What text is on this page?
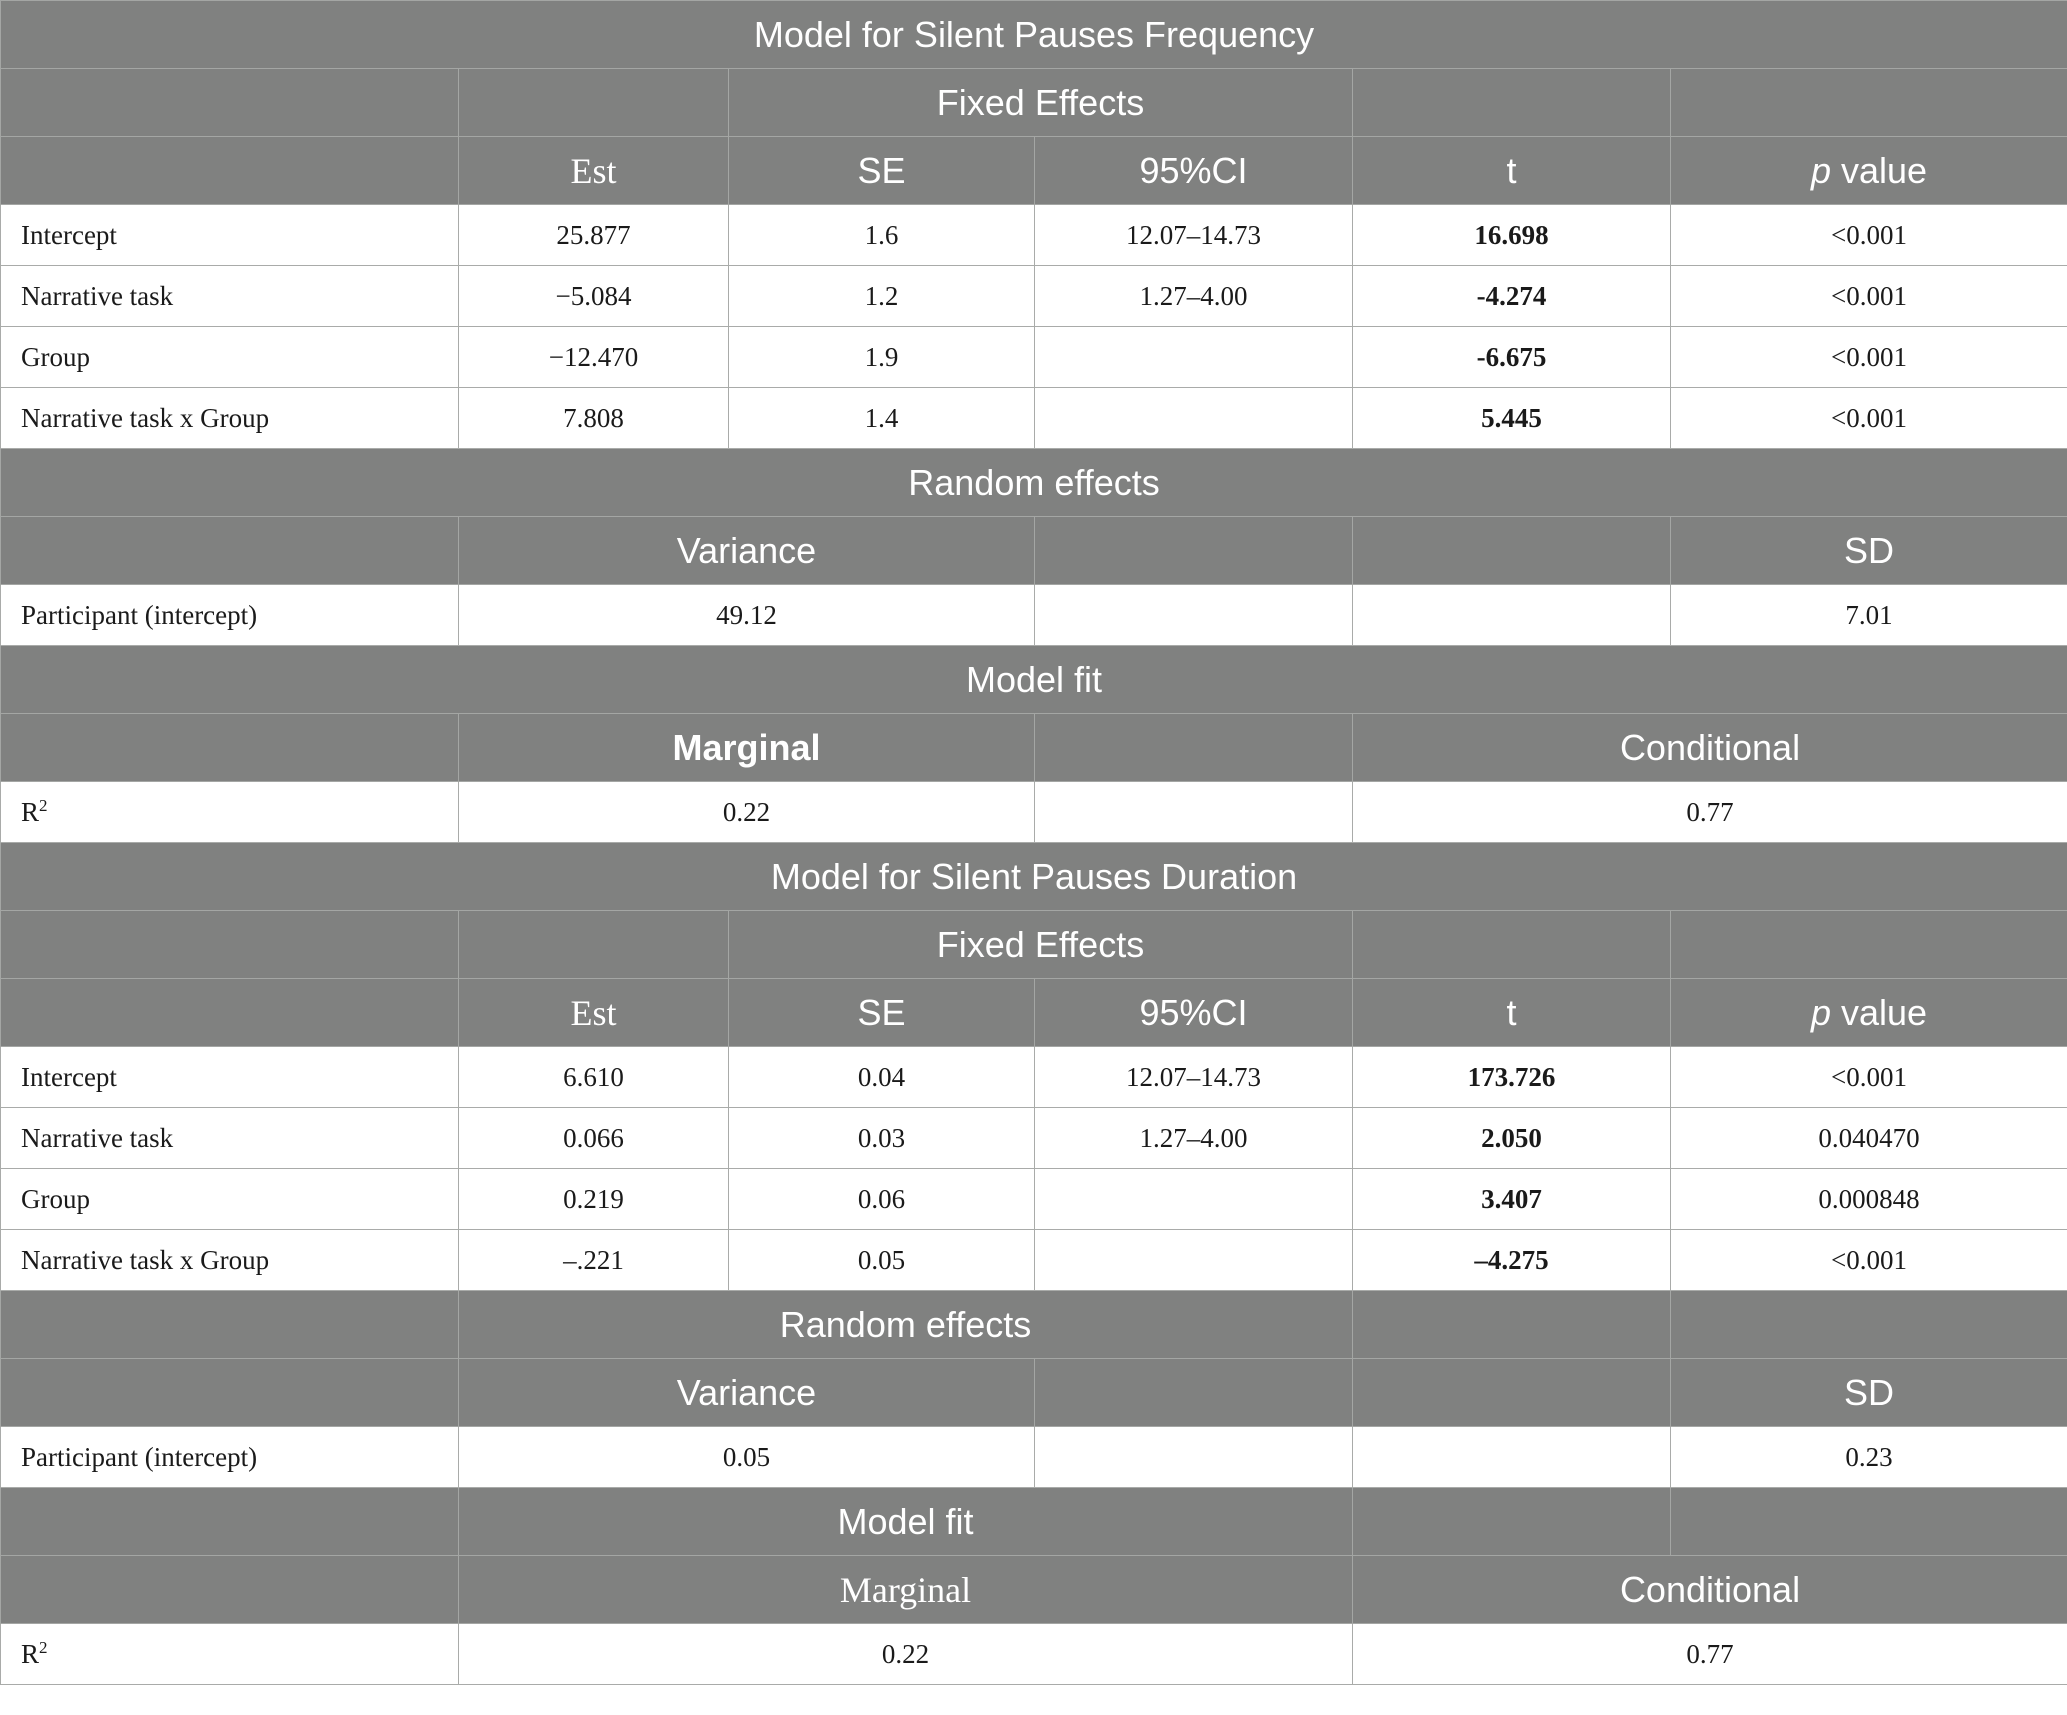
Model for Silent Pauses Frequency					
		Fixed Effects			
	Est	SE	95%CI	t	p value
Intercept	25.877	1.6	12.07–14.73	16.698	<0.001
Narrative task	−5.084	1.2	1.27–4.00	-4.274	<0.001
Group	−12.470	1.9		-6.675	<0.001
Narrative task x Group	7.808	1.4		5.445	<0.001
Random effects					
	Variance				SD
Participant (intercept)	49.12				7.01
Model fit					
	Marginal			Conditional	
$R^2$	0.22			0.77	
Model for Silent Pauses Duration					
		Fixed Effects			
	Est	SE	95%CI	t	p value
Intercept	6.610	0.04	12.07–14.73	173.726	<0.001
Narrative task	0.066	0.03	1.27–4.00	2.050	0.040470
Group	0.219	0.06		3.407	0.000848
Narrative task x Group	–.221	0.05		–4.275	<0.001
	Random effects				
	Variance				SD
Participant (intercept)	0.05				0.23
	Model fit				
	Marginal			Conditional	
$R^2$	0.22			0.77	
